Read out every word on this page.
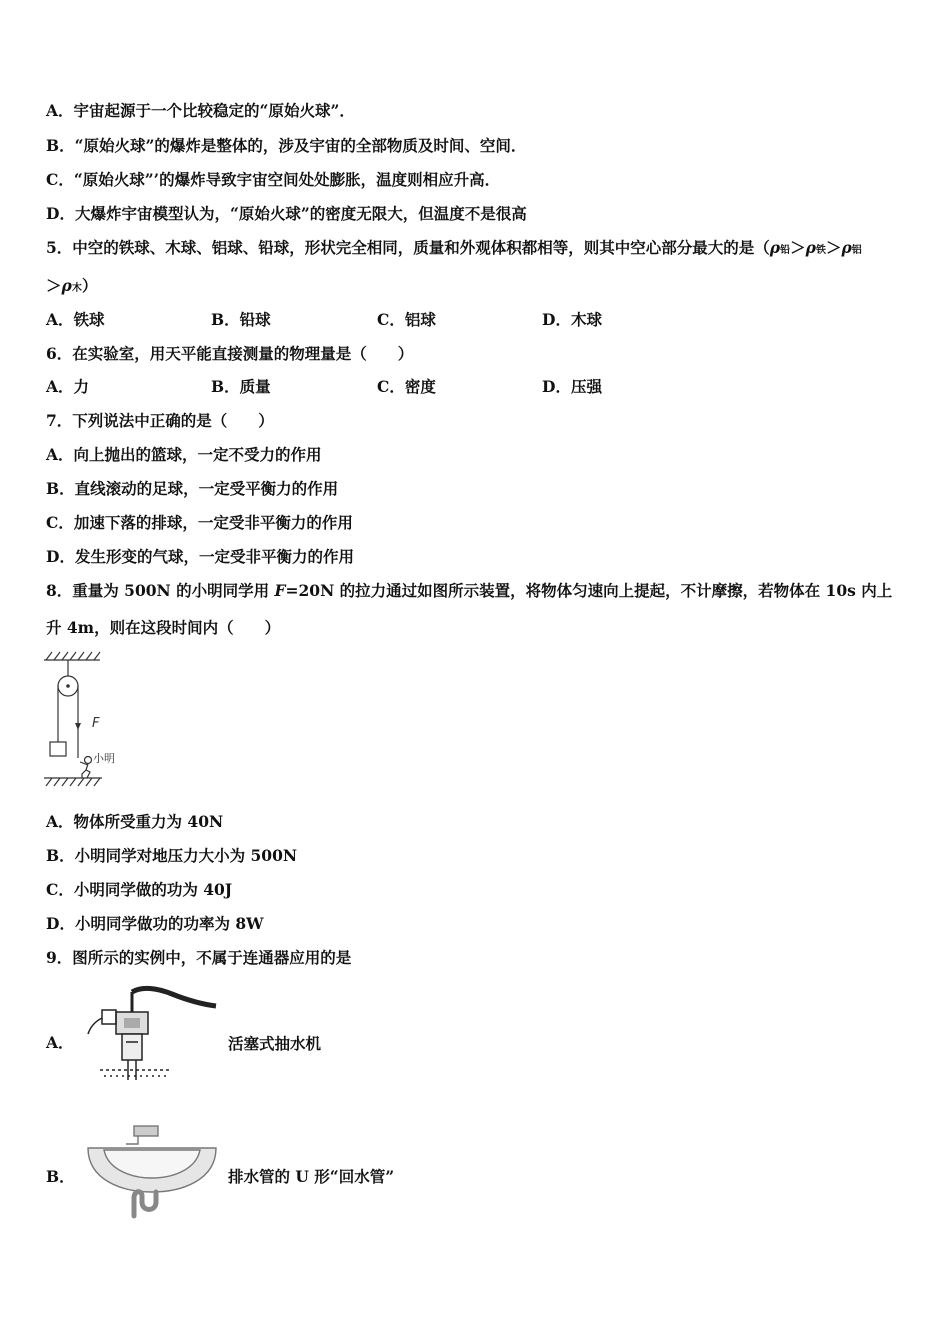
A．宇宙起源于一个比较稳定的“原始火球”．
B．“原始火球”的爆炸是整体的，涉及宇宙的全部物质及时间、空间．
C．“原始火球”’的爆炸导致宇宙空间处处膨胀，温度则相应升高．
D．大爆炸宇宙模型认为，“原始火球”的密度无限大，但温度不是很高
5．中空的铁球、木球、铝球、铅球，形状完全相同，质量和外观体积都相等，则其中空心部分最大的是（ρ铅＞ρ铁＞ρ铝
＞ρ木）
A．铁球	B．铅球	C．铝球	D．木球
6．在实验室，用天平能直接测量的物理量是（　　）
A．力	B．质量	C．密度	D．压强
7．下列说法中正确的是（　　）
A．向上抛出的篮球，一定不受力的作用
B．直线滚动的足球，一定受平衡力的作用
C．加速下落的排球，一定受非平衡力的作用
D．发生形变的气球，一定受非平衡力的作用
8．重量为 500N 的小明同学用 F=20N 的拉力通过如图所示装置，将物体匀速向上提起，不计摩擦，若物体在 10s 内上
升 4m，则在这段时间内（　　）
F
小明
A．物体所受重力为 40N
B．小明同学对地压力大小为 500N
C．小明同学做的功为 40J
D．小明同学做功的功率为 8W
9．图所示的实例中，不属于连通器应用的是
A．	活塞式抽水机
B．	排水管的 U 形“回水管”
